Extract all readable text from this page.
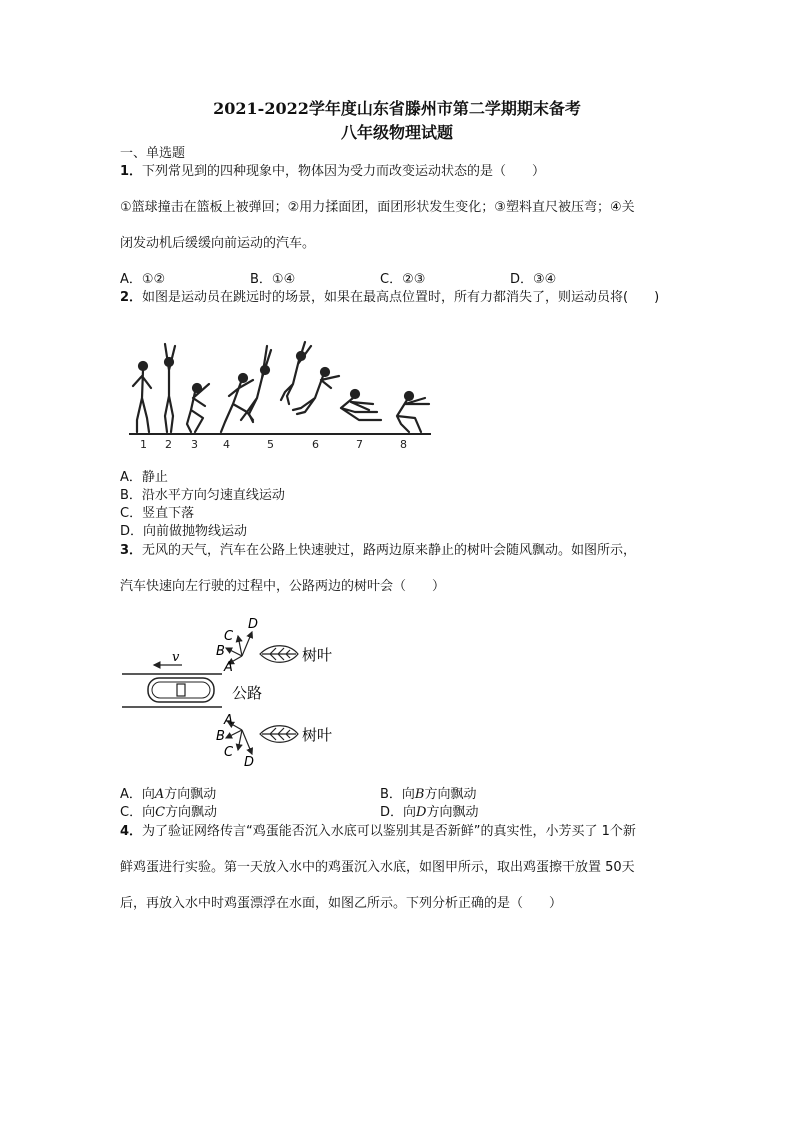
2021-2022学年度山东省滕州市第二学期期末备考
八年级物理试题
一、单选题
1．下列常见到的四种现象中，物体因为受力而改变运动状态的是（　　）
①篮球撞击在篮板上被弹回；②用力揉面团，面团形状发生变化；③塑料直尺被压弯；④关
闭发动机后缓缓向前运动的汽车。
A．①②	B．①④	C．②③	D．③④
2．如图是运动员在跳远时的场景，如果在最高点位置时，所有力都消失了，则运动员将(　　)
1 2 3 4	5	6	7	8
A．静止
B．沿水平方向匀速直线运动
C．竖直下落
D．向前做抛物线运动
3．无风的天气，汽车在公路上快速驶过，路两边原来静止的树叶会随风飘动。如图所示，
汽车快速向左行驶的过程中，公路两边的树叶会（　　）
v
公路
A
B
C
D
树叶
A
B
C
D
树叶
A．向A方向飘动	B．向B方向飘动
C．向C方向飘动	D．向D方向飘动
4．为了验证网络传言“鸡蛋能否沉入水底可以鉴别其是否新鲜”的真实性，小芳买了 1个新
鲜鸡蛋进行实验。第一天放入水中的鸡蛋沉入水底，如图甲所示，取出鸡蛋擦干放置 50天
后，再放入水中时鸡蛋漂浮在水面，如图乙所示。下列分析正确的是（　　）
